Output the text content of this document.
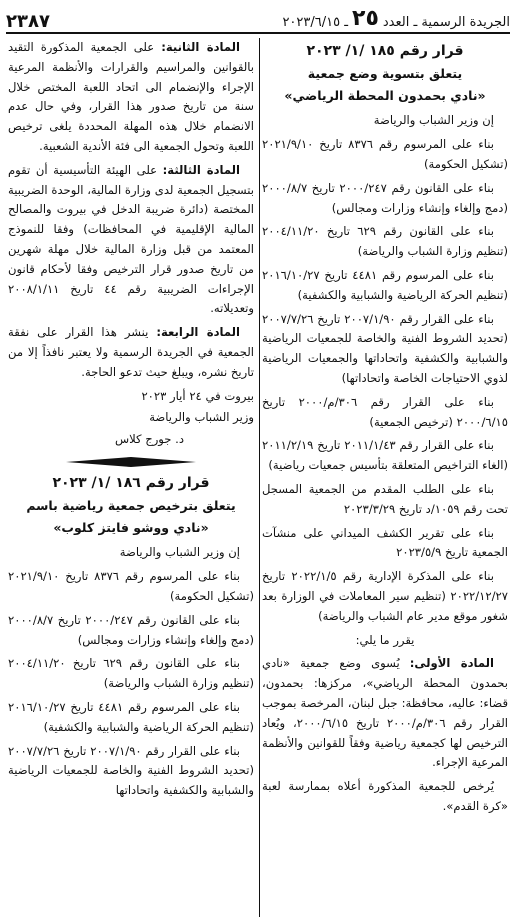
الجريدة الرسمية ـ العدد
٢٥
ـ ٢٠٢٣/٦/١٥
٢٣٨٧
قرار رقم ١٨٥ /١/ ٢٠٢٣
يتعلق بتسوية وضع جمعية
«نادي بحمدون المحطة الرياضي»

إن وزير الشباب والرياضة

بناء على المرسوم رقم ٨٣٧٦ تاريخ ٢٠٢١/٩/١٠ (تشكيل الحكومة)

بناء على القانون رقم ٢٠٠٠/٢٤٧ تاريخ ٢٠٠٠/٨/٧ (دمج وإلغاء وإنشاء وزارات ومجالس)

بناء على القانون رقم ٦٢٩ تاريخ ٢٠٠٤/١١/٢٠ (تنظيم وزارة الشباب والرياضة)

بناء على المرسوم رقم ٤٤٨١ تاريخ ٢٠١٦/١٠/٢٧ (تنظيم الحركة الرياضية والشبابية والكشفية)

بناء على القرار رقم ٢٠٠٧/١/٩٠ تاريخ ٢٠٠٧/٧/٢٦ (تحديد الشروط الفنية والخاصة للجمعيات الرياضية والشبابية والكشفية واتحاداتها والجمعيات الرياضية لذوي الاحتياجات الخاصة واتحاداتها)

بناء على القرار رقم ٣٠٦/م/٢٠٠٠ تاريخ ٢٠٠٠/٦/١٥ (ترخيص الجمعية)

بناء على القرار رقم ٢٠١١/١/٤٣ تاريخ ٢٠١١/٢/١٩ (الغاء التراخيص المتعلقة بتأسيس جمعيات رياضية)

بناء على الطلب المقدم من الجمعية المسجل تحت رقم ١٠٥٩/د تاريخ ٢٠٢٣/٣/٢٩

بناء على تقرير الكشف الميداني على منشآت الجمعية تاريخ ٢٠٢٣/٥/٩

بناء على المذكرة الإدارية رقم ٢٠٢٢/١/٥ تاريخ ٢٠٢٢/١٢/٢٧ (تنظيم سير المعاملات في الوزارة بعد شغور موقع مدير عام الشباب والرياضة)

يقرر ما يلي:

المادة الأولى: يُسوى وضع جمعية «نادي بحمدون المحطة الرياضي»، مركزها: بحمدون، قضاء: عاليه، محافظة: جبل لبنان، المرخصة بموجب القرار رقم ٣٠٦/م/٢٠٠٠ تاريخ ٢٠٠٠/٦/١٥، ويُعاد الترخيص لها كجمعية رياضية وفقاً للقوانين والأنظمة المرعية الإجراء.

يُرخص للجمعية المذكورة أعلاه بممارسة لعبة «كرة القدم».

المادة الثانية: على الجمعية المذكورة التقيد بالقوانين والمراسيم والقرارات والأنظمة المرعية الإجراء والإنضمام الى اتحاد اللعبة المختص خلال سنة من تاريخ صدور هذا القرار، وفي حال عدم الانضمام خلال هذه المهلة المحددة يلغى ترخيص اللعبة وتحول الجمعية الى فئة الأندية الشعبية.

المادة الثالثة: على الهيئة التأسيسية أن تقوم بتسجيل الجمعية لدى وزارة المالية، الوحدة الضريبية المختصة (دائرة ضريبة الدخل في بيروت والمصالح المالية الإقليمية في المحافظات) وفقا للنموذج المعتمد من قبل وزارة المالية خلال مهلة شهرين من تاريخ صدور قرار الترخيص وفقا لأحكام قانون الإجراءات الضريبية رقم ٤٤ تاريخ ٢٠٠٨/١/١١ وتعديلاته.

المادة الرابعة: ينشر هذا القرار على نفقة الجمعية في الجريدة الرسمية ولا يعتبر نافذاً إلا من تاريخ نشره، ويبلغ حيث تدعو الحاجة.

بيروت في ٢٤ أيار ٢٠٢٣

وزير الشباب والرياضة

د. جورج كلاس

قرار رقم ١٨٦ /١/ ٢٠٢٣
يتعلق بترخيص جمعية رياضية باسم
«نادي ووشو فايتز كلوب»

إن وزير الشباب والرياضة

بناء على المرسوم رقم ٨٣٧٦ تاريخ ٢٠٢١/٩/١٠ (تشكيل الحكومة)

بناء على القانون رقم ٢٠٠٠/٢٤٧ تاريخ ٢٠٠٠/٨/٧ (دمج وإلغاء وإنشاء وزارات ومجالس)

بناء على القانون رقم ٦٢٩ تاريخ ٢٠٠٤/١١/٢٠ (تنظيم وزارة الشباب والرياضة)

بناء على المرسوم رقم ٤٤٨١ تاريخ ٢٠١٦/١٠/٢٧ (تنظيم الحركة الرياضية والشبابية والكشفية)

بناء على القرار رقم ٢٠٠٧/١/٩٠ تاريخ ٢٠٠٧/٧/٢٦ (تحديد الشروط الفنية والخاصة للجمعيات الرياضية والشبابية والكشفية واتحاداتها
